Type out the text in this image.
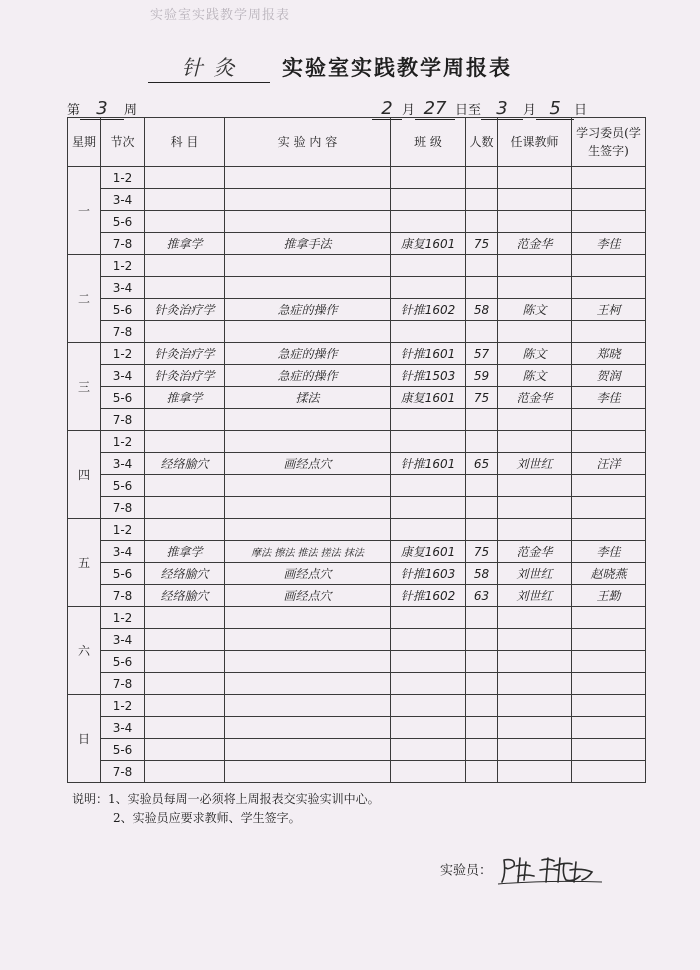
实验室实践教学周报表
针 灸 实验室实践教学周报表
第 3 周	2 月 27 日至 3 月 5 日
星期	节次	科 目	实 验 内 容	班 级	人数	任课教师	学习委员(学生签字)
一	1-2						
	3-4						
	5-6						
	7-8	推拿学	推拿手法	康复1601	75	范金华	李佳
二	1-2						
	3-4						
	5-6	针灸治疗学	急症的操作	针推1602	58	陈文	王柯
	7-8						
三	1-2	针灸治疗学	急症的操作	针推1601	57	陈文	郑晓
	3-4	针灸治疗学	急症的操作	针推1503	59	陈文	贺润
	5-6	推拿学	揉法	康复1601	75	范金华	李佳
	7-8						
四	1-2						
	3-4	经络腧穴	画经点穴	针推1601	65	刘世红	汪洋
	5-6						
	7-8						
五	1-2						
	3-4	推拿学	摩法 擦法 推法 搓法 抹法	康复1601	75	范金华	李佳
	5-6	经络腧穴	画经点穴	针推1603	58	刘世红	赵晓燕
	7-8	经络腧穴	画经点穴	针推1602	63	刘世红	王勤
六	1-2						
	3-4						
	5-6						
	7-8						
日	1-2						
	3-4						
	5-6						
	7-8						
说明：1、实验员每周一必须将上周报表交实验实训中心。
2、实验员应要求教师、学生签字。
实验员：
